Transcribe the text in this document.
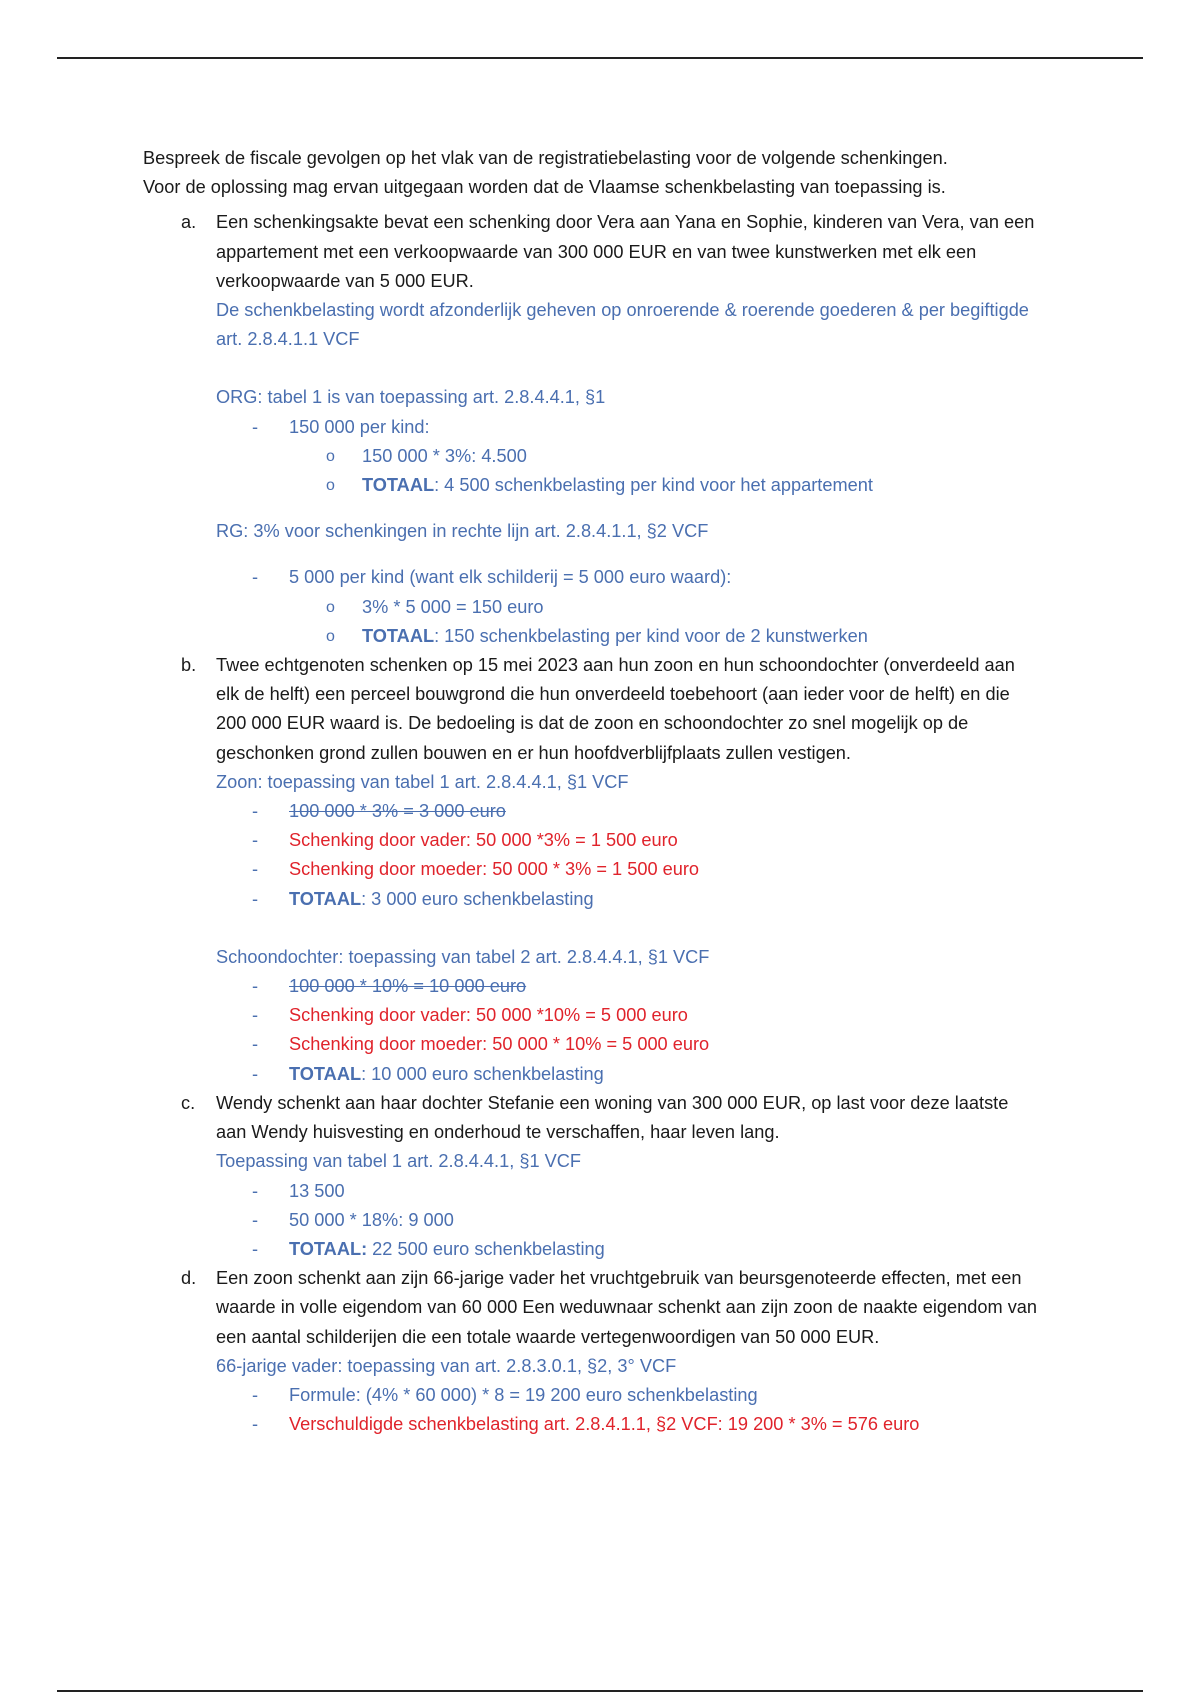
Bespreek de fiscale gevolgen op het vlak van de registratiebelasting voor de volgende schenkingen.

Voor de oplossing mag ervan uitgegaan worden dat de Vlaamse schenkbelasting van toepassing is.

a. Een schenkingsakte bevat een schenking door Vera aan Yana en Sophie, kinderen van Vera, van een appartement met een verkoopwaarde van 300 000 EUR en van twee kunstwerken met elk een verkoopwaarde van 5 000 EUR.

De schenkbelasting wordt afzonderlijk geheven op onroerende & roerende goederen & per begiftigde art. 2.8.4.1.1 VCF

ORG: tabel 1 is van toepassing art. 2.8.4.4.1, §1

- 150 000 per kind:
o 150 000 * 3%: 4.500
o TOTAAL: 4 500 schenkbelasting per kind voor het appartement

RG: 3% voor schenkingen in rechte lijn art. 2.8.4.1.1, §2 VCF

- 5 000 per kind (want elk schilderij = 5 000 euro waard):
o 3% * 5 000 = 150 euro
o TOTAAL: 150 schenkbelasting per kind voor de 2 kunstwerken
b. Twee echtgenoten schenken op 15 mei 2023 aan hun zoon en hun schoondochter (onverdeeld aan elk de helft) een perceel bouwgrond die hun onverdeeld toebehoort (aan ieder voor de helft) en die 200 000 EUR waard is. De bedoeling is dat de zoon en schoondochter zo snel mogelijk op de geschonken grond zullen bouwen en er hun hoofdverblijfplaats zullen vestigen.

Zoon: toepassing van tabel 1 art. 2.8.4.4.1, §1 VCF

- 100 000 * 3% = 3 000 euro
- Schenking door vader: 50 000 *3% = 1 500 euro
- Schenking door moeder: 50 000 * 3% = 1 500 euro
- TOTAAL: 3 000 euro schenkbelasting

Schoondochter: toepassing van tabel 2 art. 2.8.4.4.1, §1 VCF

- 100 000 * 10% = 10 000 euro
- Schenking door vader: 50 000 *10% = 5 000 euro
- Schenking door moeder: 50 000 * 10% = 5 000 euro
- TOTAAL: 10 000 euro schenkbelasting
c. Wendy schenkt aan haar dochter Stefanie een woning van 300 000 EUR, op last voor deze laatste aan Wendy huisvesting en onderhoud te verschaffen, haar leven lang.

Toepassing van tabel 1 art. 2.8.4.4.1, §1 VCF

- 13 500
- 50 000 * 18%: 9 000
- TOTAAL: 22 500 euro schenkbelasting
d. Een zoon schenkt aan zijn 66-jarige vader het vruchtgebruik van beursgenoteerde effecten, met een waarde in volle eigendom van 60 000 Een weduwnaar schenkt aan zijn zoon de naakte eigendom van een aantal schilderijen die een totale waarde vertegenwoordigen van 50 000 EUR.

66-jarige vader: toepassing van art. 2.8.3.0.1, §2, 3° VCF

- Formule: (4% * 60 000) * 8 = 19 200 euro schenkbelasting
- Verschuldigde schenkbelasting art. 2.8.4.1.1, §2 VCF: 19 200 * 3% = 576 euro
